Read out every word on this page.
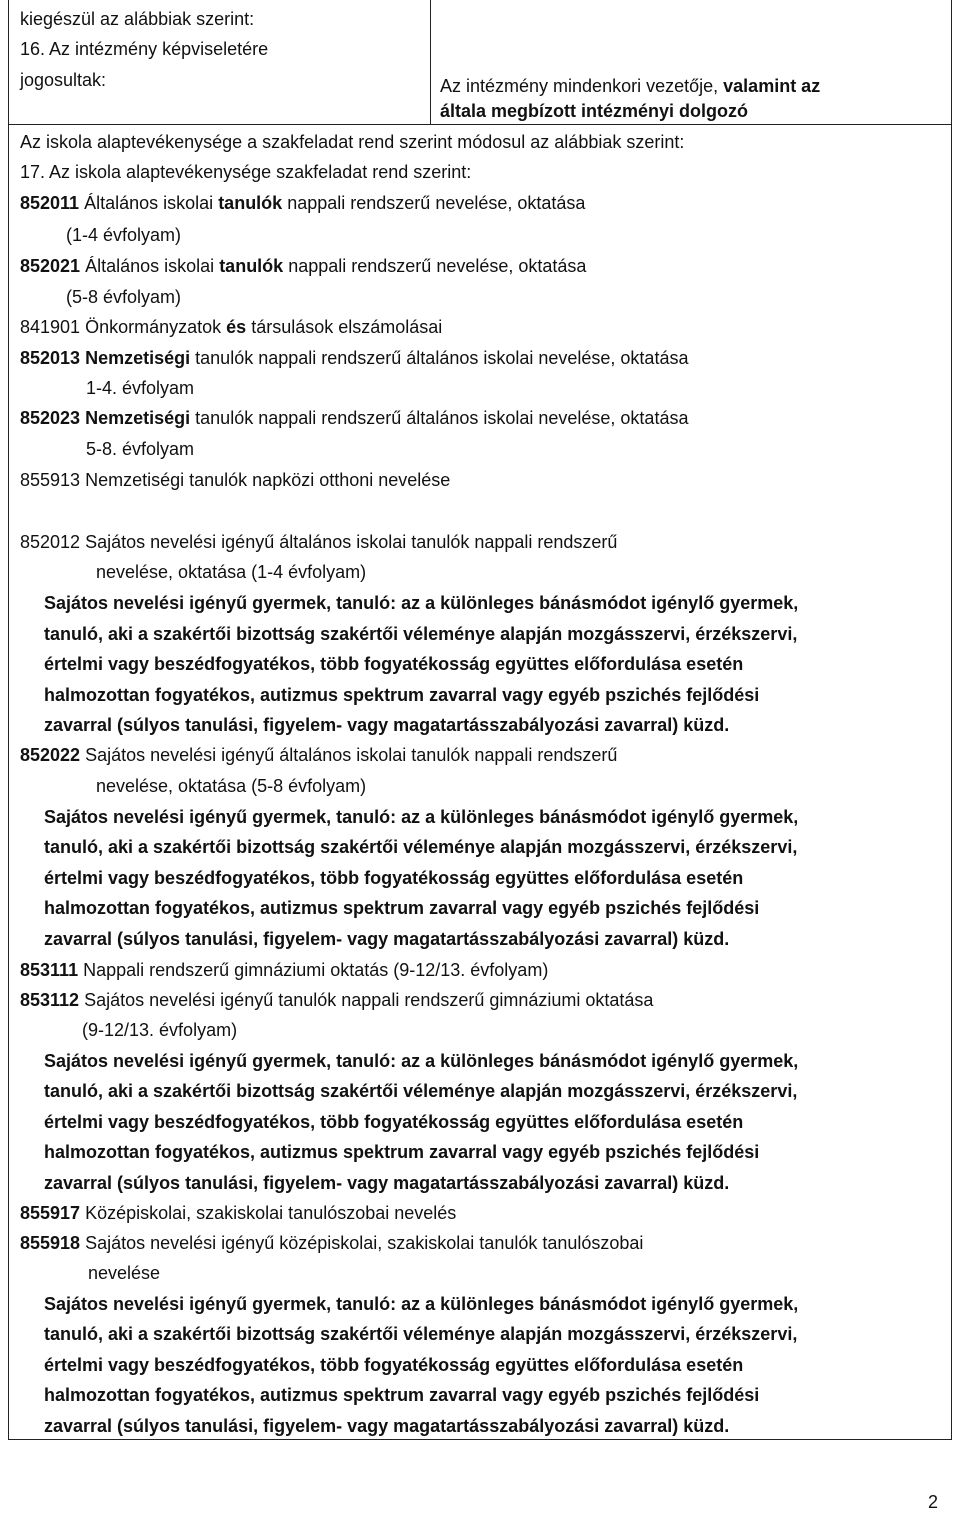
kiegészül az alábbiak szerint:
16. Az intézmény képviseletére
jogosultak:	Az intézmény mindenkori vezetője, valamint az
általa megbízott intézményi dolgozó
Az iskola alaptevékenysége a szakfeladat rend szerint módosul az alábbiak szerint:
17. Az iskola alaptevékenysége szakfeladat rend szerint:
852011 Általános iskolai tanulók nappali rendszerű nevelése, oktatása
(1-4 évfolyam)
852021 Általános iskolai tanulók nappali rendszerű nevelése, oktatása
(5-8 évfolyam)
841901 Önkormányzatok és társulások elszámolásai
852013 Nemzetiségi tanulók nappali rendszerű általános iskolai nevelése, oktatása
1-4. évfolyam
852023 Nemzetiségi tanulók nappali rendszerű általános iskolai nevelése, oktatása
5-8. évfolyam
855913 Nemzetiségi tanulók napközi otthoni nevelése
852012 Sajátos nevelési igényű általános iskolai tanulók nappali rendszerű
nevelése, oktatása (1-4 évfolyam)
Sajátos nevelési igényű gyermek, tanuló: az a különleges bánásmódot igénylő gyermek,
tanuló, aki a szakértői bizottság szakértői véleménye alapján mozgásszervi, érzékszervi,
értelmi vagy beszédfogyatékos, több fogyatékosság együttes előfordulása esetén
halmozottan fogyatékos, autizmus spektrum zavarral vagy egyéb pszichés fejlődési
zavarral (súlyos tanulási, figyelem- vagy magatartásszabályozási zavarral) küzd.
852022 Sajátos nevelési igényű általános iskolai tanulók nappali rendszerű
nevelése, oktatása (5-8 évfolyam)
Sajátos nevelési igényű gyermek, tanuló: az a különleges bánásmódot igénylő gyermek,
tanuló, aki a szakértői bizottság szakértői véleménye alapján mozgásszervi, érzékszervi,
értelmi vagy beszédfogyatékos, több fogyatékosság együttes előfordulása esetén
halmozottan fogyatékos, autizmus spektrum zavarral vagy egyéb pszichés fejlődési
zavarral (súlyos tanulási, figyelem- vagy magatartásszabályozási zavarral) küzd.
853111 Nappali rendszerű gimnáziumi oktatás (9-12/13. évfolyam)
853112 Sajátos nevelési igényű tanulók nappali rendszerű gimnáziumi oktatása
(9-12/13. évfolyam)
Sajátos nevelési igényű gyermek, tanuló: az a különleges bánásmódot igénylő gyermek,
tanuló, aki a szakértői bizottság szakértői véleménye alapján mozgásszervi, érzékszervi,
értelmi vagy beszédfogyatékos, több fogyatékosság együttes előfordulása esetén
halmozottan fogyatékos, autizmus spektrum zavarral vagy egyéb pszichés fejlődési
zavarral (súlyos tanulási, figyelem- vagy magatartásszabályozási zavarral) küzd.
855917 Középiskolai, szakiskolai tanulószobai nevelés
855918 Sajátos nevelési igényű középiskolai, szakiskolai tanulók tanulószobai
nevelése
Sajátos nevelési igényű gyermek, tanuló: az a különleges bánásmódot igénylő gyermek,
tanuló, aki a szakértői bizottság szakértői véleménye alapján mozgásszervi, érzékszervi,
értelmi vagy beszédfogyatékos, több fogyatékosság együttes előfordulása esetén
halmozottan fogyatékos, autizmus spektrum zavarral vagy egyéb pszichés fejlődési
zavarral (súlyos tanulási, figyelem- vagy magatartásszabályozási zavarral) küzd.
2
